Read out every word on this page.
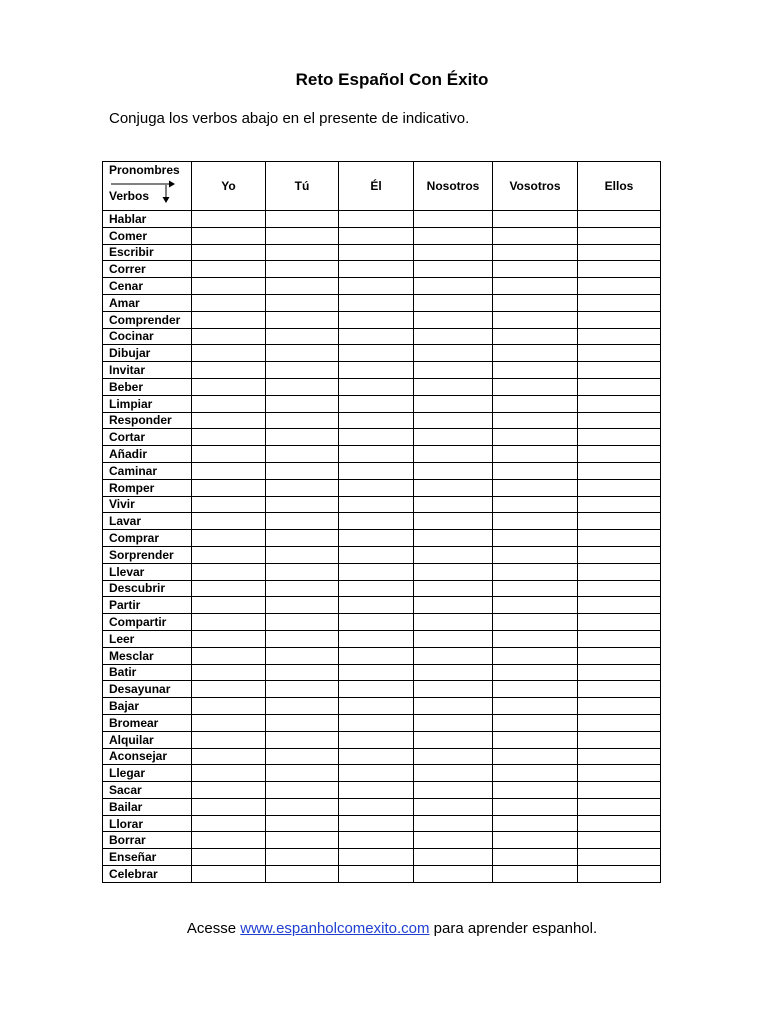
Reto Español Con Éxito

Conjuga los verbos abajo en el presente de indicativo.

Pronombres
Verbos	Yo	Tú	Él	Nosotros	Vosotros	Ellos
Hablar						
Comer						
Escribir						
Correr						
Cenar						
Amar						
Comprender						
Cocinar						
Dibujar						
Invitar						
Beber						
Limpiar						
Responder						
Cortar						
Añadir						
Caminar						
Romper						
Vivir						
Lavar						
Comprar						
Sorprender						
Llevar						
Descubrir						
Partir						
Compartir						
Leer						
Mesclar						
Batir						
Desayunar						
Bajar						
Bromear						
Alquilar						
Aconsejar						
Llegar						
Sacar						
Bailar						
Llorar						
Borrar						
Enseñar						
Celebrar						

Acesse www.espanholcomexito.com para aprender espanhol.
